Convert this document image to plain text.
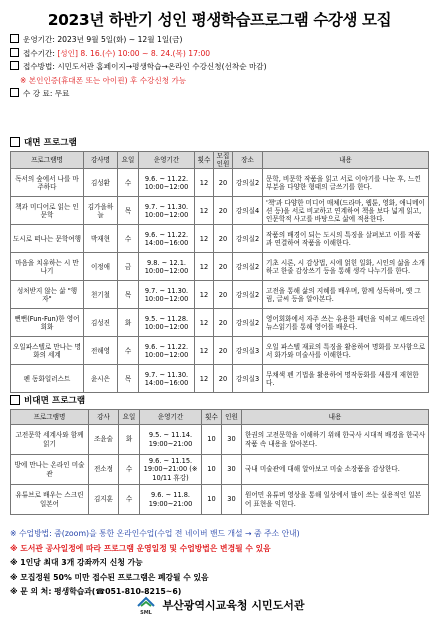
2023년 하반기 성인 평생학습프로그램 수강생 모집
운영기간: 2023년 9월 5일(화) ~ 12월 1일(금)
접수기간: [성인] 8. 16.(수) 10:00 ~ 8. 24.(목) 17:00
접수방법: 시민도서관 홈페이지→평생학습→온라인 수강신청(선착순 마감)
※ 본인인증(휴대폰 또는 아이핀) 후 수강신청 가능
수 강 료: 무료
대면 프로그램
프로그램명	강사명	요일	운영기간	횟수	모집인원	장소	내용
독서의 숲에서 나를 마주하다	김성환	수	9.6. ~ 11.22. 10:00~12:00	12	20	강의실2	문학, 비문학 작품을 읽고 서로 이야기를 나눈 후, 느낀 부분을 다양한 형태의 글쓰기를 한다.
책과 미디어로 읽는 인문학	김가을하늘	목	9.7. ~ 11.30. 10:00~12:00	12	20	강의실4	'책'과 다양한 미디어 매체(드라마, 웹툰, 영화, 애니메이션 등)을 서로 비교하고 연계하여 책을 보다 넓게 읽고, 인문학적 사고를 바탕으로 삶에 적용한다.
도시로 떠나는 문학여행	박재현	수	9.6. ~ 11.22. 14:00~16:00	12	20	강의실2	작품의 배경이 되는 도시의 특징을 살펴보고 이를 작품과 연결하여 작품을 이해한다.
마음을 치유하는 시 만나기	이정애	금	9.8. ~ 12.1. 10:00~12:00	12	20	강의실2	기초 시론, 시 감상법, 시에 얽힌 일화, 시인의 삶을 소개하고 한줄 감상쓰기 등을 통해 생각 나누기를 한다.
성처받지 않는 삶 "행자"	천기철	목	9.7. ~ 11.30. 10:00~12:00	12	20	강의실2	고전을 통해 삶의 지혜를 배우며, 함께 성독하며, 옛 그림, 글씨 등을 알아본다.
뻔뻔(Fun-Fun)한 영어회화	김성진	화	9.5. ~ 11.28. 10:00~12:00	12	20	강의실2	영어회화에서 자주 쓰는 유용한 패턴을 익히고 해드라인 뉴스읽기를 통해 영어를 배운다.
오일파스텔로 만나는 명화의 세계	전해영	수	9.6. ~ 11.22. 10:00~12:00	12	20	강의실3	오일 파스텔 재료의 특징을 활용하여 명화를 모사함으로서 화가와 미술사를 이해한다.
펜 동화일러스트	윤시은	목	9.7. ~ 11.30. 14:00~16:00	12	20	강의실3	무채색 펜 기법을 활용하여 명작동화를 새롭게 재현한다.
비대면 프로그램
프로그램명	강사	요일	운영기간	횟수	인원	내용
고전문학 세계사와 함께 읽기	조윤술	화	9.5. ~ 11.14. 19:00~21:00	10	30	한권의 고전문학을 이해하기 위해 한국사 시대적 배경을 한국사 작품 속 내용을 알아본다.
방에 만나는 온라인 미술관	전소정	수	9.6. ~ 11.15. 19:00~21:00 (※ 10/11 휴강)	10	30	국내 미술관에 대해 알아보고 미술 소장품을 감상한다.
유튜브로 배우는 스크린 일본어	김지훈	수	9.6. ~ 11.8. 19:00~21:00	10	30	원어민 유튜버 영상을 통해 일상에서 많이 쓰는 실용적인 일본어 표현을 익힌다.
※ 수업방법: 줌(zoom)을 통한 온라인수업(수업 전 네이버 밴드 개설 → 줌 주소 안내)
※ 도서관 공사일정에 따라 프로그램 운영일정 및 수업방법은 변경될 수 있음
※ 1인당 최대 3개 강좌까지 신청 가능
※ 모집정원 50% 미만 접수된 프로그램은 폐강될 수 있음
※ 문 의 처: 평생학습과(☎051-810-8215~6)
SML
부산광역시교육청 시민도서관
